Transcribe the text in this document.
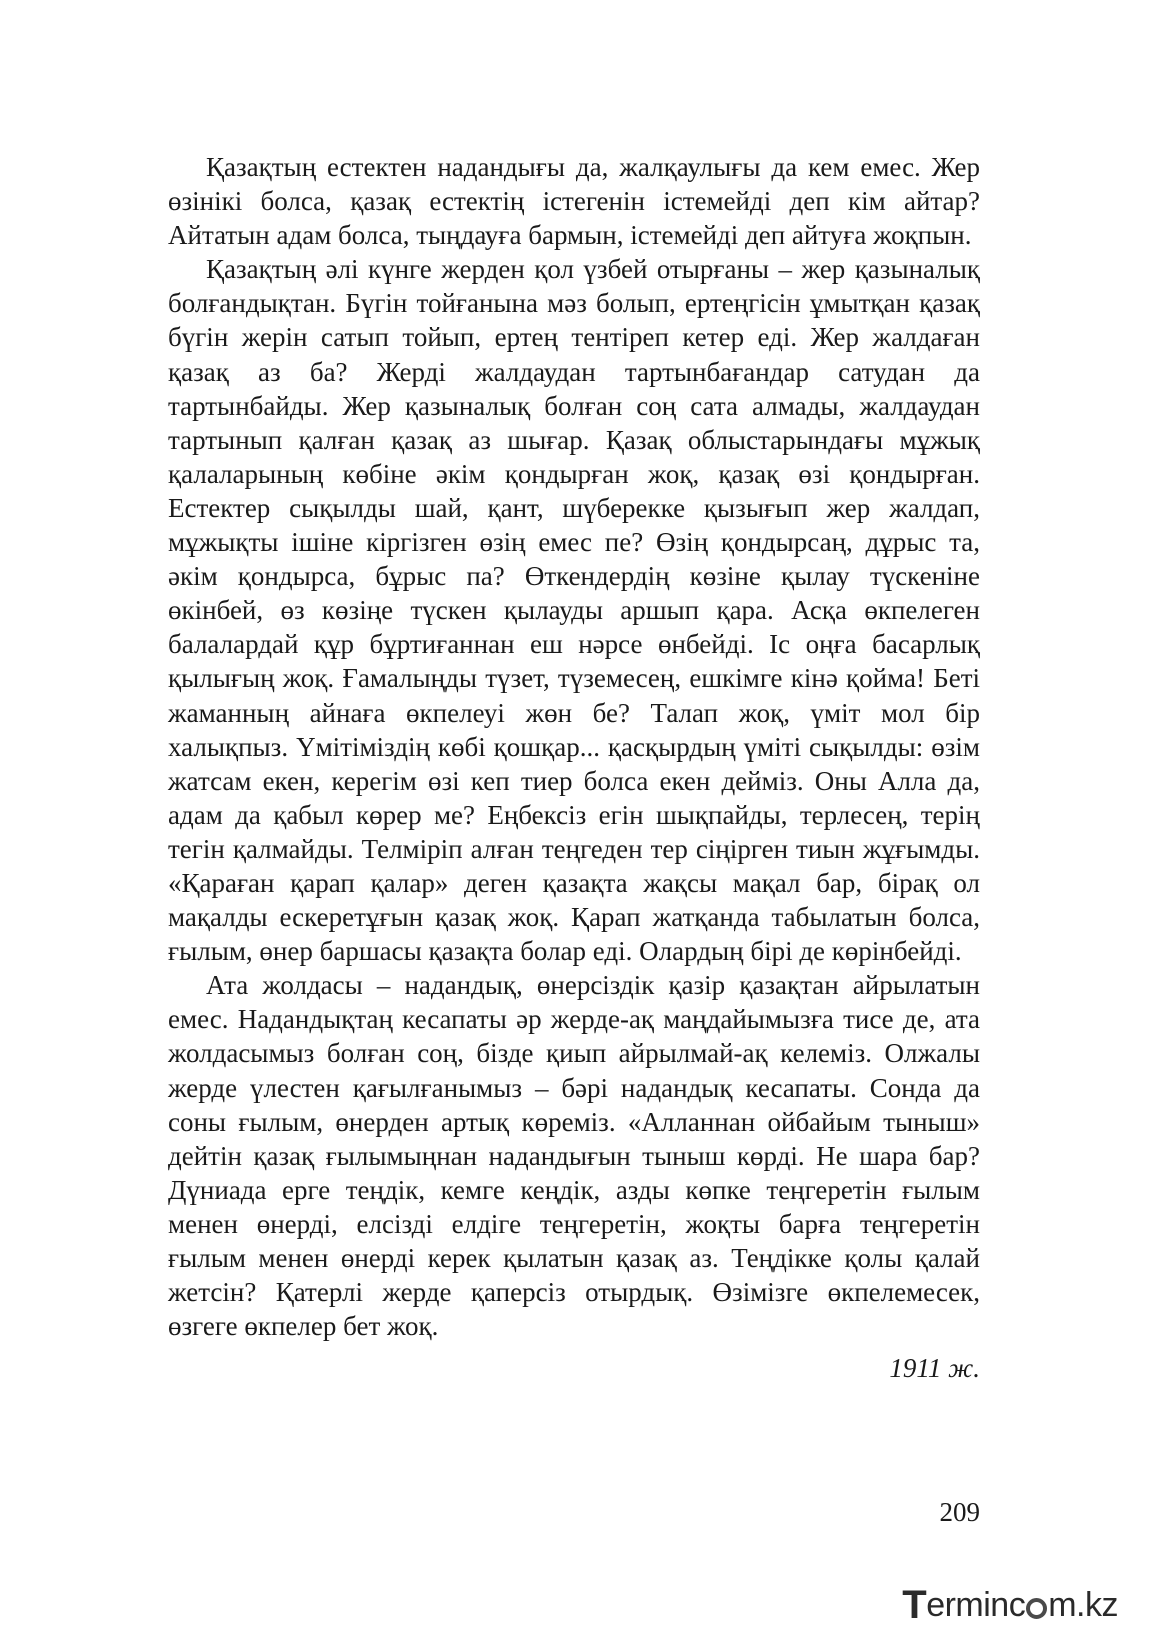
Қазақтың естектен надандығы да, жалқаулығы да кем емес. Жер өзінікі болса, қазақ естектің істегенін істемейді деп кім айтар? Айтатын адам болса, тыңдауға бармын, істемейді деп айтуға жоқпын.

Қазақтың әлі күнге жерден қол үзбей отырғаны – жер қазыналық болғандықтан. Бүгін тойғанына мәз болып, ертеңгісін ұмытқан қазақ бүгін жерін сатып тойып, ертең тентіреп кетер еді. Жер жалдаған қазақ аз ба? Жерді жалдаудан тартынбағандар сатудан да тартынбайды. Жер қазыналық болған соң сата алмады, жалдаудан тартынып қалған қазақ аз шығар. Қазақ облыстарындағы мұжық қалаларының көбіне әкім қондырған жоқ, қазақ өзі қондырған. Естектер сықылды шай, қант, шүберекке қызығып жер жалдап, мұжықты ішіне кіргізген өзің емес пе? Өзің қондырсаң, дұрыс та, әкім қондырса, бұрыс па? Өткендердің көзіне қылау түскеніне өкінбей, өз көзіңе түскен қылауды аршып қара. Асқа өкпелеген балалардай құр бұртиғаннан еш нәрсе өнбейді. Іс оңға басарлық қылығың жоқ. Ғамалыңды түзет, түземесең, ешкімге кінә қойма! Беті жаманның айнаға өкпелеуі жөн бе? Талап жоқ, үміт мол бір халықпыз. Үмітіміздің көбі қошқар... қасқырдың үміті сықылды: өзім жатсам екен, керегім өзі кеп тиер болса екен дейміз. Оны Алла да, адам да қабыл көрер ме? Еңбексіз егін шықпайды, терлесең, терің тегін қалмайды. Телміріп алған теңгеден тер сіңірген тиын жұғымды. «Қараған қарап қалар» деген қазақта жақсы мақал бар, бірақ ол мақалды ескеретұғын қазақ жоқ. Қарап жатқанда табылатын болса, ғылым, өнер баршасы қазақта болар еді. Олардың бірі де көрінбейді.

Ата жолдасы – надандық, өнерсіздік қазір қазақтан айрылатын емес. Надандықтаң кесапаты әр жерде-ақ маңдайымызға тисе де, ата жолдасымыз болған соң, бізде қиып айрылмай-ақ келеміз. Олжалы жерде үлестен қағылғанымыз – бәрі надандық кесапаты. Сонда да соны ғылым, өнерден артық көреміз. «Алланнан ойбайым тыныш» дейтін қазақ ғылымыңнан надандығын тыныш көрді. Не шара бар? Дүниада ерге теңдік, кемге кеңдік, азды көпке теңгеретін ғылым менен өнерді, елсізді елдіге теңгеретін, жоқты барға теңгеретін ғылым менен өнерді керек қылатын қазақ аз. Теңдікке қолы қалай жетсін? Қатерлі жерде қаперсіз отырдық. Өзімізге өкпелемесек, өзгеге өкпелер бет жоқ.

1911 ж.

209
T erminc m.kz
